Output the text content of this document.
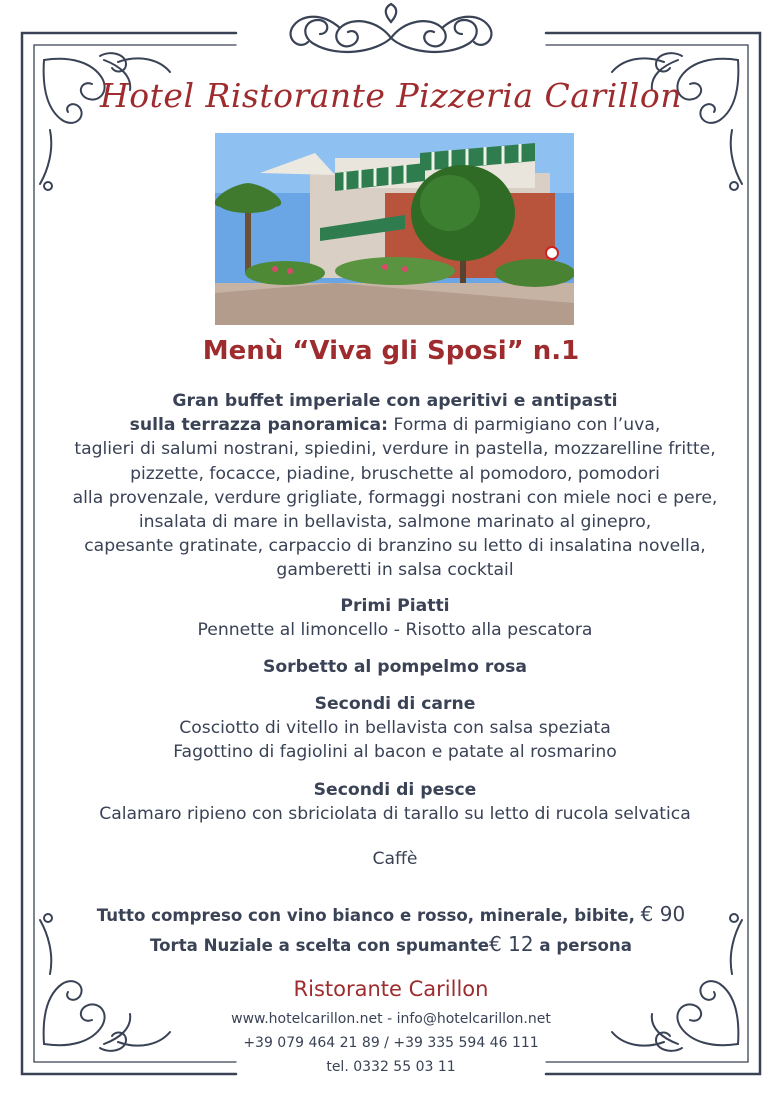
Hotel Ristorante Pizzeria Carillon
Menù “Viva gli Sposi” n.1
Gran buffet imperiale con aperitivi e antipasti
sulla terrazza panoramica: Forma di parmigiano con l’uva,
taglieri di salumi nostrani, spiedini, verdure in pastella, mozzarelline fritte,
pizzette, focacce, piadine, bruschette al pomodoro, pomodori
alla provenzale, verdure grigliate, formaggi nostrani con miele noci e pere,
insalata di mare in bellavista, salmone marinato al ginepro,
capesante gratinate, carpaccio di branzino su letto di insalatina novella,
gamberetti in salsa cocktail
Primi Piatti
Pennette al limoncello - Risotto alla pescatora
Sorbetto al pompelmo rosa
Secondi di carne
Cosciotto di vitello in bellavista con salsa speziata
Fagottino di fagiolini al bacon e patate al rosmarino
Secondi di pesce
Calamaro ripieno con sbriciolata di tarallo su letto di rucola selvatica
Caffè
Tutto compreso con vino bianco e rosso, minerale, bibite, € 90
Torta Nuziale a scelta con spumante€ 12 a persona
Ristorante Carillon
www.hotelcarillon.net - info@hotelcarillon.net
+39 079 464 21 89 / +39 335 594 46 111
tel. 0332 55 03 11
